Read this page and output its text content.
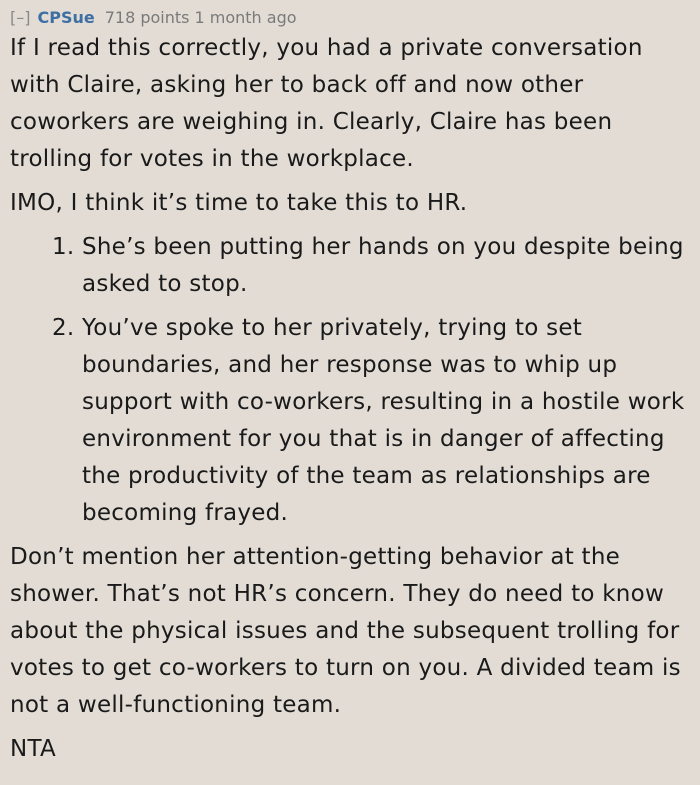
[–] CPSue 718 points 1 month ago

If I read this correctly, you had a private conversation with Claire, asking her to back off and now other coworkers are weighing in. Clearly, Claire has been trolling for votes in the workplace.

IMO, I think it’s time to take this to HR.

1. She’s been putting her hands on you despite being asked to stop.
2. You’ve spoke to her privately, trying to set boundaries, and her response was to whip up support with co-workers, resulting in a hostile work environment for you that is in danger of affecting the productivity of the team as relationships are becoming frayed.

Don’t mention her attention-getting behavior at the shower. That’s not HR’s concern. They do need to know about the physical issues and the subsequent trolling for votes to get co-workers to turn on you. A divided team is not a well-functioning team.

NTA
